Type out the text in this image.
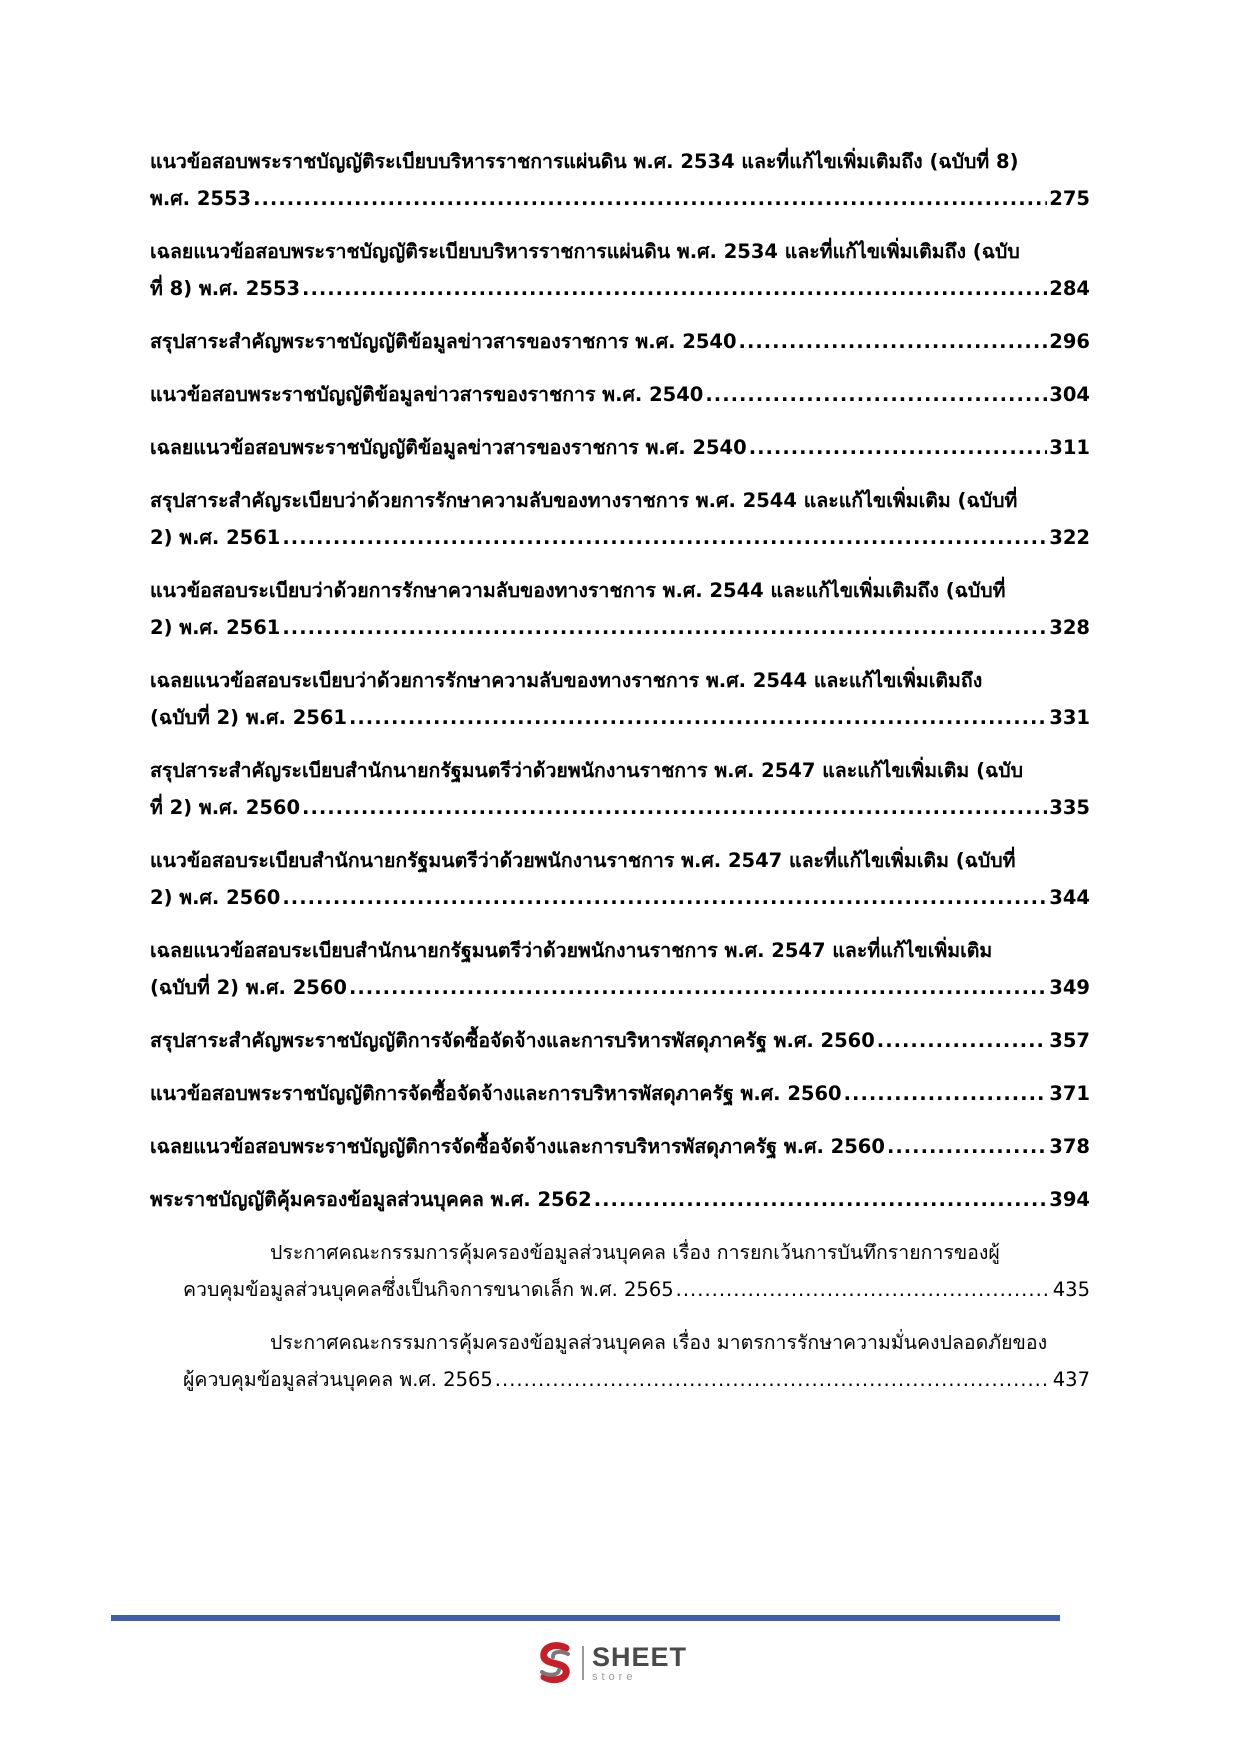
แนวข้อสอบพระราชบัญญัติระเบียบบริหารราชการแผ่นดิน พ.ศ. 2534 และที่แก้ไขเพิ่มเติมถึง (ฉบับที่ 8)
พ.ศ. 2553 .....	275
เฉลยแนวข้อสอบพระราชบัญญัติระเบียบบริหารราชการแผ่นดิน พ.ศ. 2534 และที่แก้ไขเพิ่มเติมถึง (ฉบับ
ที่ 8) พ.ศ. 2553 .....	284
สรุปสาระสำคัญพระราชบัญญัติข้อมูลข่าวสารของราชการ พ.ศ. 2540 .....	296
แนวข้อสอบพระราชบัญญัติข้อมูลข่าวสารของราชการ พ.ศ. 2540 .....	304
เฉลยแนวข้อสอบพระราชบัญญัติข้อมูลข่าวสารของราชการ พ.ศ. 2540 .....	311
สรุปสาระสำคัญระเบียบว่าด้วยการรักษาความลับของทางราชการ พ.ศ. 2544 และแก้ไขเพิ่มเติม (ฉบับที่
2) พ.ศ. 2561 .....	322
แนวข้อสอบระเบียบว่าด้วยการรักษาความลับของทางราชการ พ.ศ. 2544 และแก้ไขเพิ่มเติมถึง (ฉบับที่
2) พ.ศ. 2561 .....	328
เฉลยแนวข้อสอบระเบียบว่าด้วยการรักษาความลับของทางราชการ พ.ศ. 2544 และแก้ไขเพิ่มเติมถึง
(ฉบับที่ 2) พ.ศ. 2561 .....	331
สรุปสาระสำคัญระเบียบสำนักนายกรัฐมนตรีว่าด้วยพนักงานราชการ พ.ศ. 2547 และแก้ไขเพิ่มเติม (ฉบับ
ที่ 2) พ.ศ. 2560 .....	335
แนวข้อสอบระเบียบสำนักนายกรัฐมนตรีว่าด้วยพนักงานราชการ พ.ศ. 2547 และที่แก้ไขเพิ่มเติม (ฉบับที่
2) พ.ศ. 2560 .....	344
เฉลยแนวข้อสอบระเบียบสำนักนายกรัฐมนตรีว่าด้วยพนักงานราชการ พ.ศ. 2547 และที่แก้ไขเพิ่มเติม
(ฉบับที่ 2) พ.ศ. 2560 .....	349
สรุปสาระสำคัญพระราชบัญญัติการจัดซื้อจัดจ้างและการบริหารพัสดุภาครัฐ พ.ศ. 2560 .....	357
แนวข้อสอบพระราชบัญญัติการจัดซื้อจัดจ้างและการบริหารพัสดุภาครัฐ พ.ศ. 2560 .....	371
เฉลยแนวข้อสอบพระราชบัญญัติการจัดซื้อจัดจ้างและการบริหารพัสดุภาครัฐ พ.ศ. 2560 .....	378
พระราชบัญญัติคุ้มครองข้อมูลส่วนบุคคล พ.ศ. 2562 .....	394
ประกาศคณะกรรมการคุ้มครองข้อมูลส่วนบุคคล เรื่อง การยกเว้นการบันทึกรายการของผู้
ควบคุมข้อมูลส่วนบุคคลซึ่งเป็นกิจการขนาดเล็ก พ.ศ. 2565 .....	435
ประกาศคณะกรรมการคุ้มครองข้อมูลส่วนบุคคล เรื่อง มาตรการรักษาความมั่นคงปลอดภัยของ
ผู้ควบคุมข้อมูลส่วนบุคคล พ.ศ. 2565 .....	437
SHEET
store
